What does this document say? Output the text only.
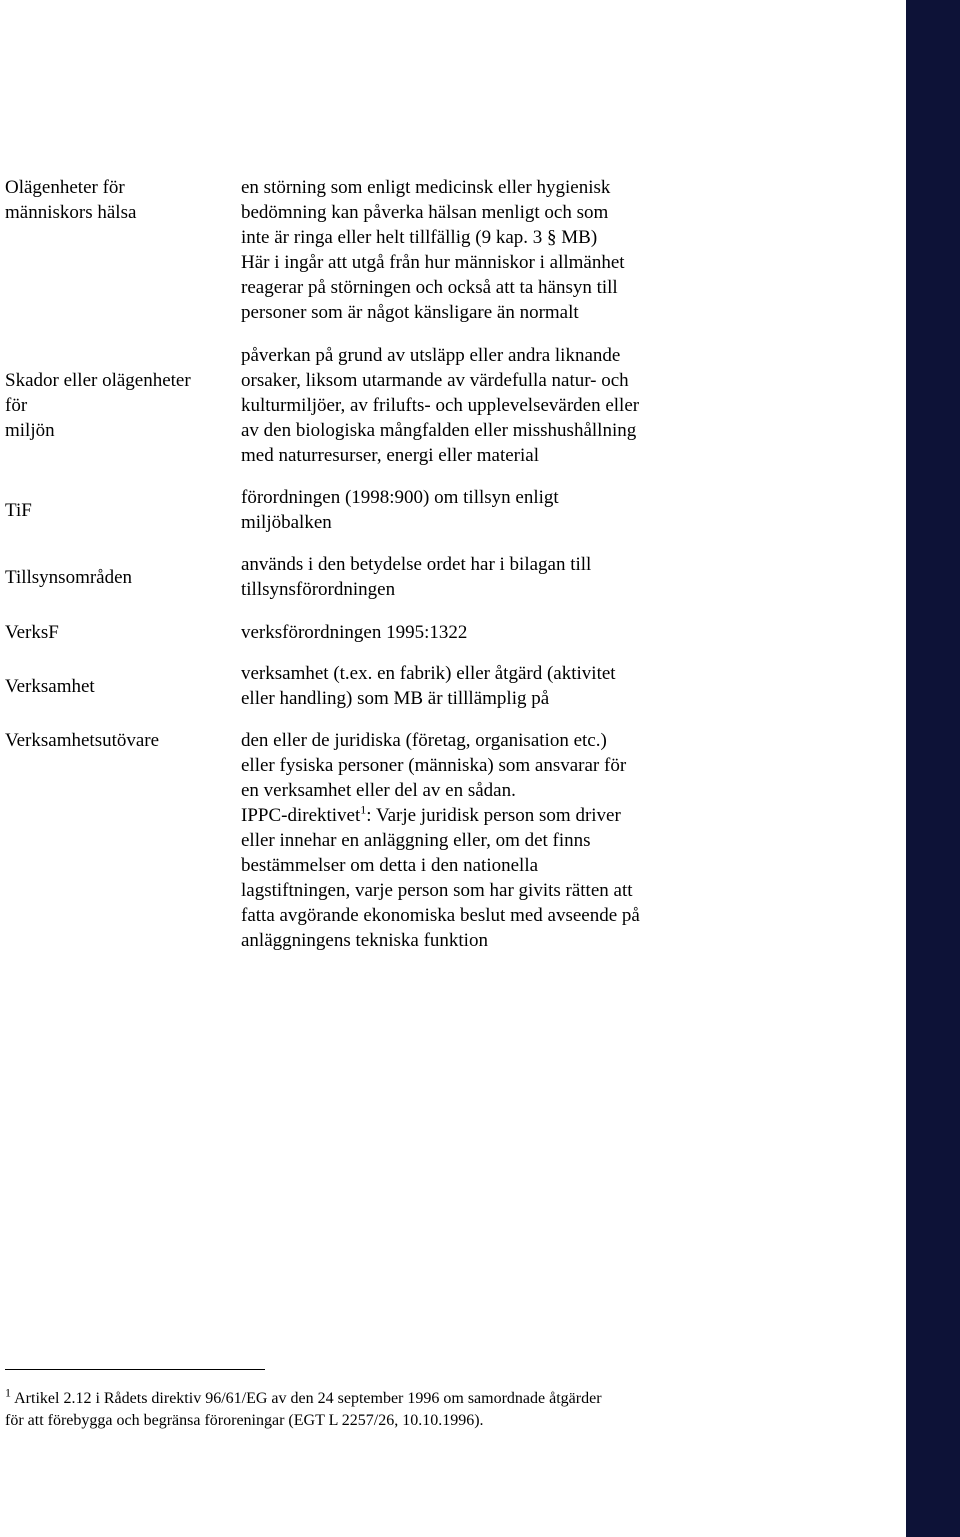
Olägenheter för
människors hälsa
en störning som enligt medicinsk eller hygienisk
bedömning kan påverka hälsan menligt och som
inte är ringa eller helt tillfällig (9 kap. 3 § MB)
Här i ingår att utgå från hur människor i allmänhet
reagerar på störningen och också att ta hänsyn till
personer som är något känsligare än normalt
Skador eller olägenheter
för
miljön
påverkan på grund av utsläpp eller andra liknande
orsaker, liksom utarmande av värdefulla natur- och
kulturmiljöer, av frilufts- och upplevelsevärden eller
av den biologiska mångfalden eller misshushållning
med naturresurser, energi eller material
TiF
förordningen (1998:900) om tillsyn enligt
miljöbalken
Tillsynsområden
används i den betydelse ordet har i bilagan till
tillsynsförordningen
VerksF	verksförordningen 1995:1322
Verksamhet
verksamhet (t.ex. en fabrik) eller åtgärd (aktivitet
eller handling) som MB är tilllämplig på
Verksamhetsutövare	den eller de juridiska (företag, organisation etc.)
eller fysiska personer (människa) som ansvarar för
en verksamhet eller del av en sådan.
IPPC-direktivet$^1$: Varje juridisk person som driver
eller innehar en anläggning eller, om det finns
bestämmelser om detta i den nationella
lagstiftningen, varje person som har givits rätten att
fatta avgörande ekonomiska beslut med avseende på
anläggningens tekniska funktion
$^1$ Artikel 2.12 i Rådets direktiv 96/61/EG av den 24 september 1996 om samordnade åtgärder
för att förebygga och begränsa föroreningar (EGT L 2257/26, 10.10.1996).
